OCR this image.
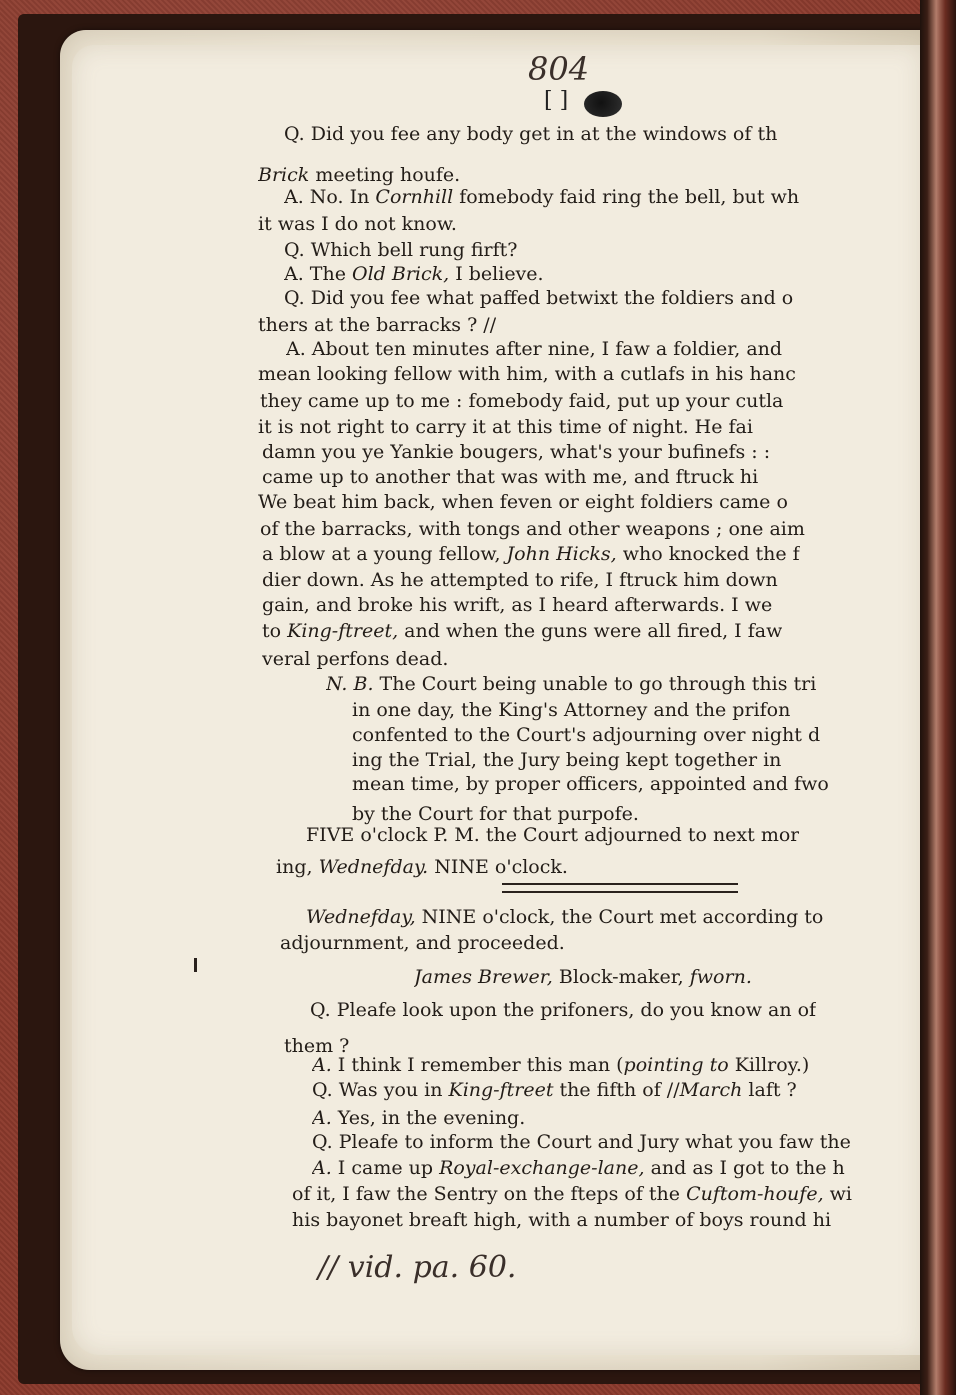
804
[ ]
Q. Did you fee any body get in at the windows of th
Brick meeting houfe.
A. No. In Cornhill fomebody faid ring the bell, but wh
it was I do not know.
Q. Which bell rung firft?
A. The Old Brick, I believe.
Q. Did you fee what paffed betwixt the foldiers and o
thers at the barracks ? //
A. About ten minutes after nine, I faw a foldier, and
mean looking fellow with him, with a cutlafs in his hanc
they came up to me : fomebody faid, put up your cutla
it is not right to carry it at this time of night. He fai
damn you ye Yankie bougers, what's your bufinefs : :
came up to another that was with me, and ftruck hi
We beat him back, when feven or eight foldiers came o
of the barracks, with tongs and other weapons ; one aim
a blow at a young fellow, John Hicks, who knocked the f
dier down. As he attempted to rife, I ftruck him down
gain, and broke his wrift, as I heard afterwards. I we
to King-ftreet, and when the guns were all fired, I faw
veral perfons dead.
N. B. The Court being unable to go through this tri
in one day, the King's Attorney and the prifon
confented to the Court's adjourning over night d
ing the Trial, the Jury being kept together in
mean time, by proper officers, appointed and fwo
by the Court for that purpofe.
FIVE o'clock P. M. the Court adjourned to next mor
ing, Wednefday. NINE o'clock.
Wednefday, NINE o'clock, the Court met according to
adjournment, and proceeded.
James Brewer, Block-maker, fworn.
Q. Pleafe look upon the prifoners, do you know an of
them ?
A. I think I remember this man (pointing to Killroy.)
Q. Was you in King-ftreet the fifth of //March laft ?
A. Yes, in the evening.
Q. Pleafe to inform the Court and Jury what you faw the
A. I came up Royal-exchange-lane, and as I got to the h
of it, I faw the Sentry on the fteps of the Cuftom-houfe, wi
his bayonet breaft high, with a number of boys round hi
// vid. pa. 60.
